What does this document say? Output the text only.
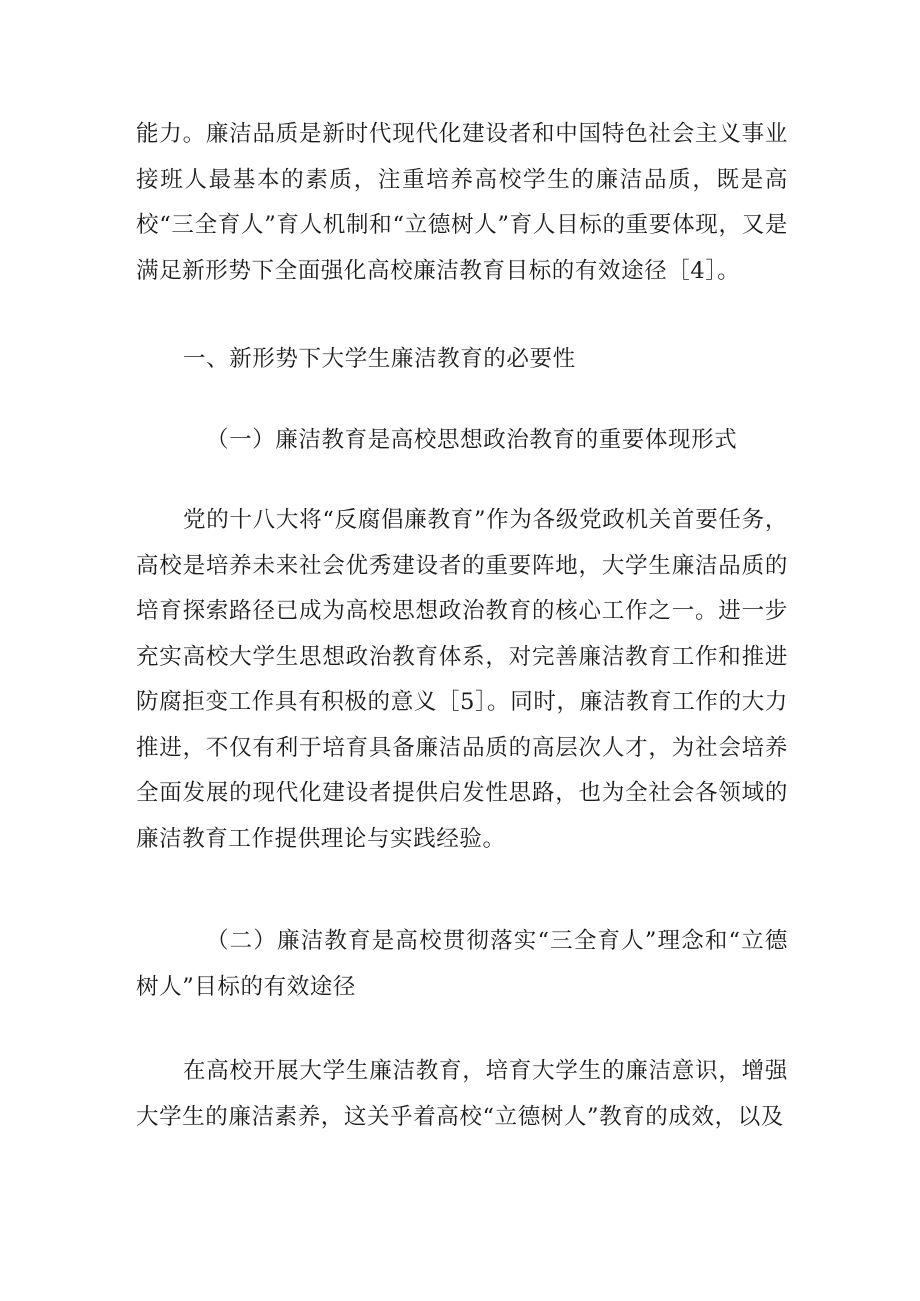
能力。廉洁品质是新时代现代化建设者和中国特色社会主义事业接班人最基本的素质，注重培养高校学生的廉洁品质，既是高校“三全育人”育人机制和“立德树人”育人目标的重要体现，又是满足新形势下全面强化高校廉洁教育目标的有效途径［4］。

一、新形势下大学生廉洁教育的必要性

（一）廉洁教育是高校思想政治教育的重要体现形式

党的十八大将“反腐倡廉教育”作为各级党政机关首要任务，高校是培养未来社会优秀建设者的重要阵地，大学生廉洁品质的培育探索路径已成为高校思想政治教育的核心工作之一。进一步充实高校大学生思想政治教育体系，对完善廉洁教育工作和推进防腐拒变工作具有积极的意义［5］。同时，廉洁教育工作的大力推进，不仅有利于培育具备廉洁品质的高层次人才，为社会培养全面发展的现代化建设者提供启发性思路，也为全社会各领域的廉洁教育工作提供理论与实践经验。

（二）廉洁教育是高校贯彻落实“三全育人”理念和“立德树人”目标的有效途径

在高校开展大学生廉洁教育，培育大学生的廉洁意识，增强大学生的廉洁素养，这关乎着高校“立德树人”教育的成效，以及
